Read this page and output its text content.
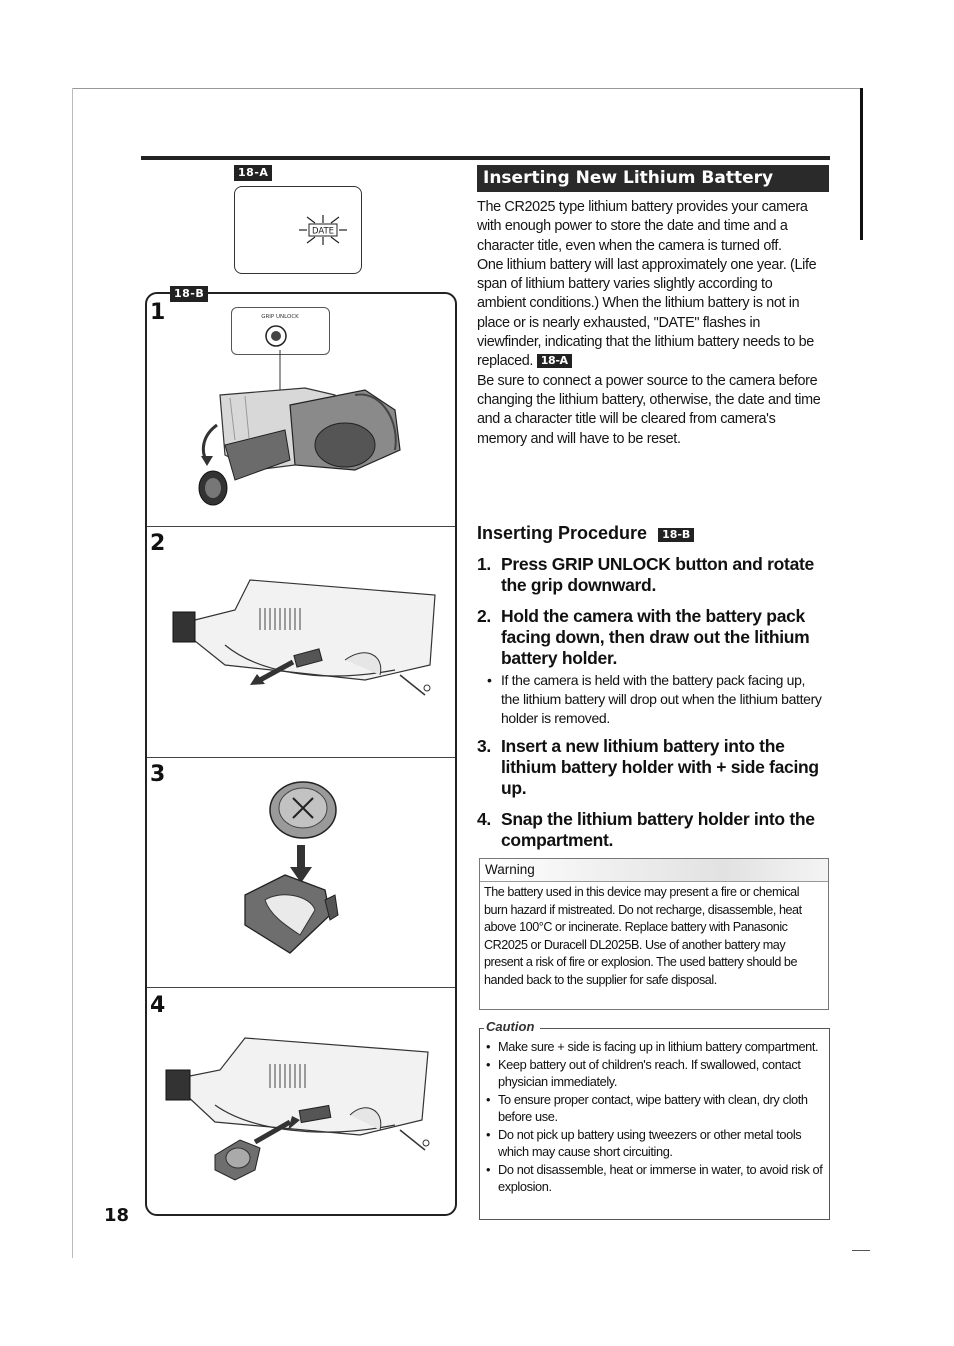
18-A
DATE
18-B
1
2
3
4
GRIP UNLOCK
Inserting New Lithium Battery

The CR2025 type lithium battery provides your camera with enough power to store the date and time and a character title, even when the camera is turned off.

One lithium battery will last approximately one year. (Life span of lithium battery varies slightly according to ambient conditions.) When the lithium battery is not in place or is nearly exhausted, "DATE" flashes in viewfinder, indicating that the lithium battery needs to be replaced. 18-A

Be sure to connect a power source to the camera before changing the lithium battery, otherwise, the date and time and a character title will be cleared from camera's memory and will have to be reset.

Inserting Procedure 18-B
1. Press GRIP UNLOCK button and rotate the grip downward.
2. Hold the camera with the battery pack facing down, then draw out the lithium battery holder.
• If the camera is held with the battery pack facing up, the lithium battery will drop out when the lithium battery holder is removed.
3. Insert a new lithium battery into the lithium battery holder with + side facing up.
4. Snap the lithium battery holder into the compartment.
Warning
The battery used in this device may present a fire or chemical burn hazard if mistreated. Do not recharge, disassemble, heat above 100°C or incinerate. Replace battery with Panasonic CR2025 or Duracell DL2025B. Use of another battery may present a risk of fire or explosion. The used battery should be handed back to the supplier for safe disposal.
Caution
• Make sure + side is facing up in lithium battery compartment.
• Keep battery out of children's reach. If swallowed, contact physician immediately.
• To ensure proper contact, wipe battery with clean, dry cloth before use.
• Do not pick up battery using tweezers or other metal tools which may cause short circuiting.
• Do not disassemble, heat or immerse in water, to avoid risk of explosion.
18
